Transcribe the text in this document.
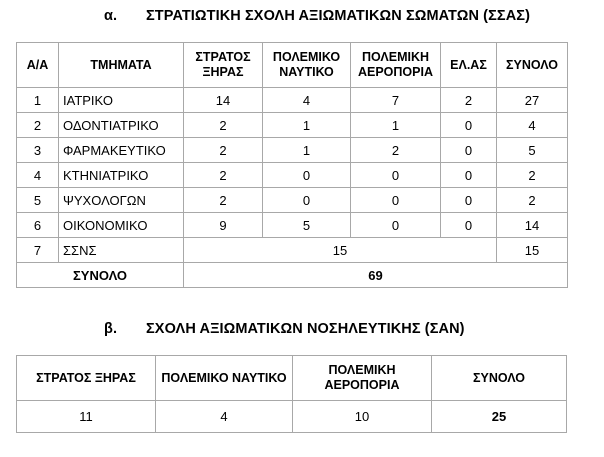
α. ΣΤΡΑΤΙΩΤΙΚΗ ΣΧΟΛΗ ΑΞΙΩΜΑΤΙΚΩΝ ΣΩΜΑΤΩΝ (ΣΣΑΣ)
Α/Α	ΤΜΗΜΑΤΑ	ΣΤΡΑΤΟΣ ΞΗΡΑΣ	ΠΟΛΕΜΙΚΟ ΝΑΥΤΙΚΟ	ΠΟΛΕΜΙΚΗ ΑΕΡΟΠΟΡΙΑ	ΕΛ.ΑΣ	ΣΥΝΟΛΟ
1	ΙΑΤΡΙΚΟ	14	4	7	2	27
2	ΟΔΟΝΤΙΑΤΡΙΚΟ	2	1	1	0	4
3	ΦΑΡΜΑΚΕΥΤΙΚΟ	2	1	2	0	5
4	ΚΤΗΝΙΑΤΡΙΚΟ	2	0	0	0	2
5	ΨΥΧΟΛΟΓΩΝ	2	0	0	0	2
6	ΟΙΚΟΝΟΜΙΚΟ	9	5	0	0	14
7	ΣΣΝΣ	15				15
ΣΥΝΟΛΟ		69				
β. ΣΧΟΛΗ ΑΞΙΩΜΑΤΙΚΩΝ ΝΟΣΗΛΕΥΤΙΚΗΣ (ΣΑΝ)
ΣΤΡΑΤΟΣ ΞΗΡΑΣ	ΠΟΛΕΜΙΚΟ ΝΑΥΤΙΚΟ	ΠΟΛΕΜΙΚΗ ΑΕΡΟΠΟΡΙΑ	ΣΥΝΟΛΟ
11	4	10	25
